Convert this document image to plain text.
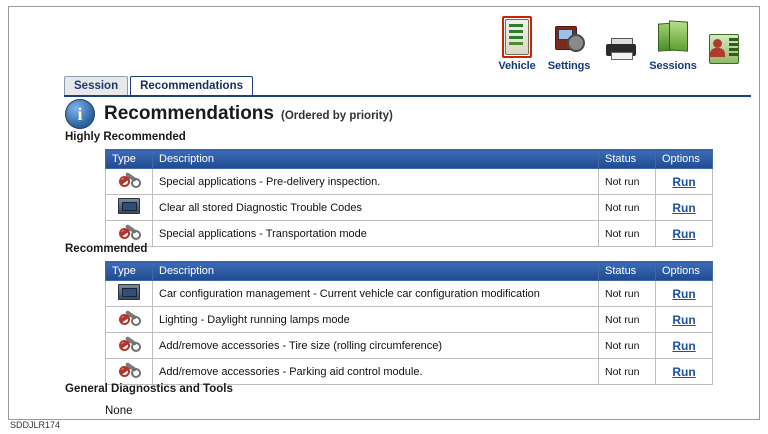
Vehicle Settings	Sessions
Session	Recommendations
i	Recommendations (Ordered by priority)
Highly Recommended
Type	Description	Status	Options

	Special applications - Pre-delivery inspection.	Not run	Run
	Clear all stored Diagnostic Trouble Codes	Not run	Run

	Special applications - Transportation mode	Not run	Run
Recommended
Type	Description	Status	Options
	Car configuration management - Current vehicle car configuration modification	Not run	Run

	Lighting - Daylight running lamps mode	Not run	Run

	Add/remove accessories - Tire size (rolling circumference)	Not run	Run

	Add/remove accessories - Parking aid control module.	Not run	Run
General Diagnostics and Tools
None
SDDJLR174
